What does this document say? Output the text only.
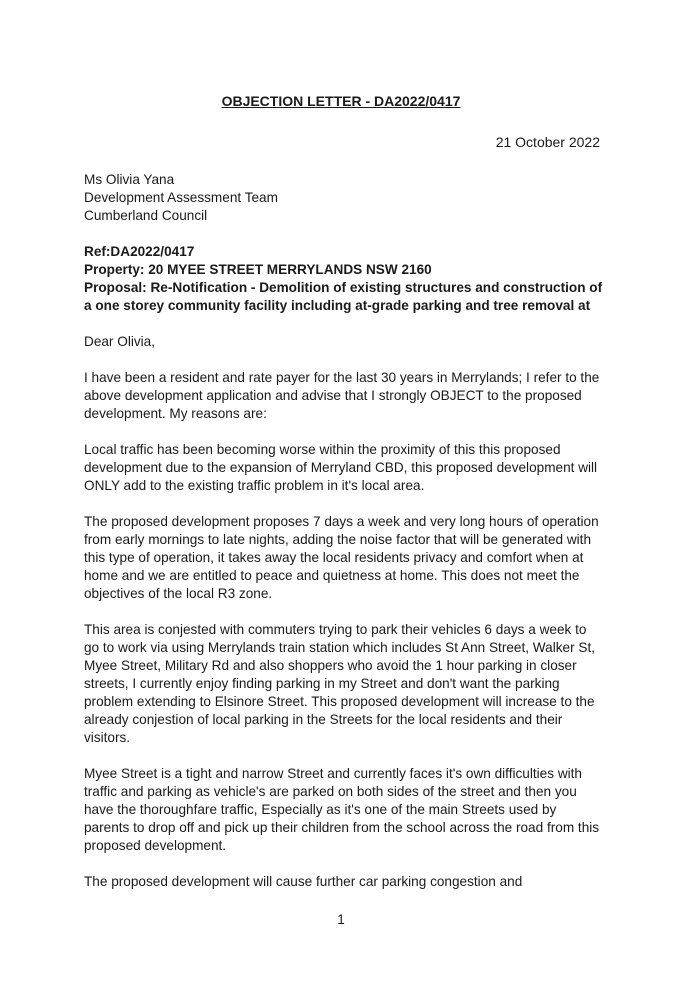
OBJECTION LETTER - DA2022/0417
21 October 2022

Ms Olivia Yana
Development Assessment Team
Cumberland Council

Ref:DA2022/0417
Property: 20 MYEE STREET MERRYLANDS NSW 2160
Proposal: Re-Notification - Demolition of existing structures and construction of a one storey community facility including at-grade parking and tree removal at

Dear Olivia,

I have been a resident and rate payer for the last 30 years in Merrylands; I refer to the above development application and advise that I strongly OBJECT to the proposed development. My reasons are:

Local traffic has been becoming worse within the proximity of this this proposed development due to the expansion of Merryland CBD, this proposed development will ONLY add to the existing traffic problem in it's local area.

The proposed development proposes 7 days a week and very long hours of operation from early mornings to late nights, adding the noise factor that will be generated with this type of operation, it takes away the local residents privacy and comfort when at home and we are entitled to peace and quietness at home. This does not meet the objectives of the local R3 zone.

This area is conjested with commuters trying to park their vehicles 6 days a week to go to work via using Merrylands train station which includes St Ann Street, Walker St, Myee Street, Military Rd and also shoppers who avoid the 1 hour parking in closer streets, I currently enjoy finding parking in my Street and don't want the parking problem extending to Elsinore Street. This proposed development will increase to the already conjestion of local parking in the Streets for the local residents and their visitors.

Myee Street is a tight and narrow Street and currently faces it's own difficulties with traffic and parking as vehicle's are parked on both sides of the street and then you have the thoroughfare traffic, Especially as it's one of the main Streets used by parents to drop off and pick up their children from the school across the road from this proposed development.

The proposed development will cause further car parking congestion and

1
